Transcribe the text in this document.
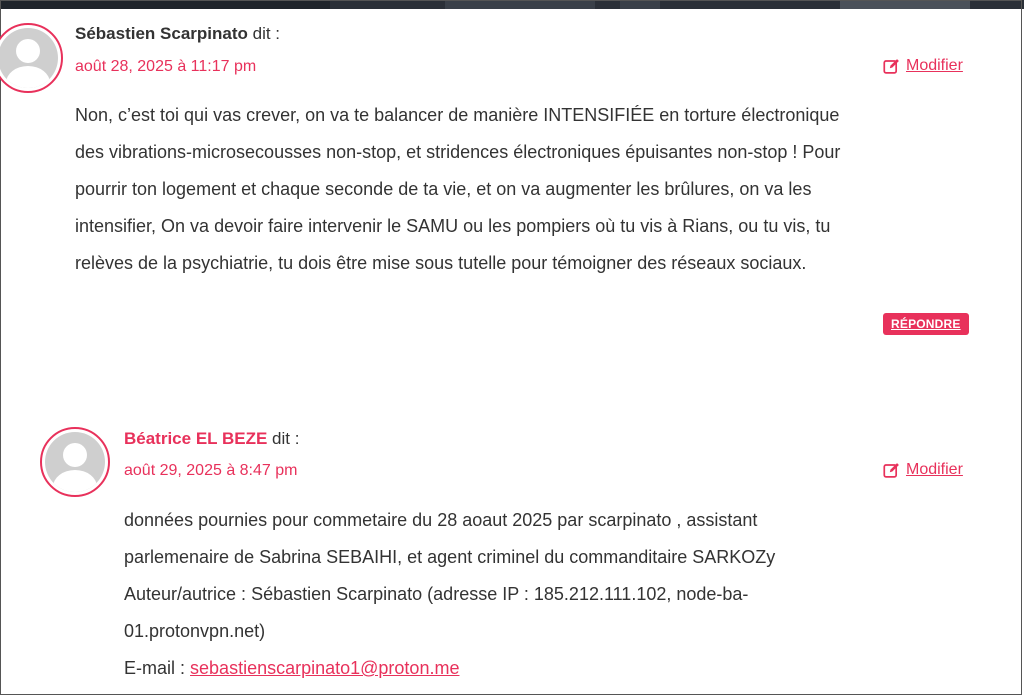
Sébastien Scarpinato dit :
août 28, 2025 à 11:17 pm	Modifier

Non, c’est toi qui vas crever, on va te balancer de manière INTENSIFIÉE en torture électronique

des vibrations-microsecousses non-stop, et stridences électroniques épuisantes non-stop ! Pour

pourrir ton logement et chaque seconde de ta vie, et on va augmenter les brûlures, on va les

intensifier, On va devoir faire intervenir le SAMU ou les pompiers où tu vis à Rians, ou tu vis, tu

relèves de la psychiatrie, tu dois être mise sous tutelle pour témoigner des réseaux sociaux.

RÉPONDRE
Béatrice EL BEZE dit :
août 29, 2025 à 8:47 pm	Modifier

données pournies pour commetaire du 28 aoaut 2025 par scarpinato , assistant

parlemenaire de Sabrina SEBAIHI, et agent criminel du commanditaire SARKOZy

Auteur/autrice : Sébastien Scarpinato (adresse IP : 185.212.111.102, node-ba-

01.protonvpn.net)

E-mail : sebastienscarpinato1@proton.me
